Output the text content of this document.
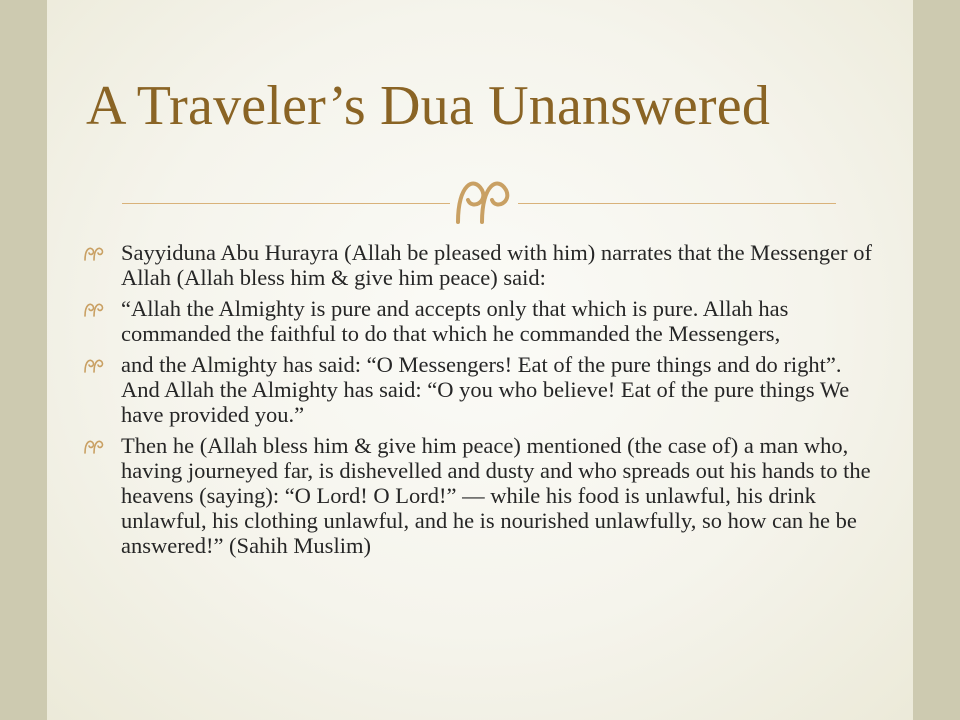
A Traveler’s Dua Unanswered
Sayyiduna Abu Hurayra (Allah be pleased with him) narrates that the Messenger of Allah (Allah bless him & give him peace) said:
“Allah the Almighty is pure and accepts only that which is pure. Allah has commanded the faithful to do that which he commanded the Messengers,
and the Almighty has said: “O Messengers! Eat of the pure things and do right”. And Allah the Almighty has said: “O you who believe! Eat of the pure things We have provided you.”
Then he (Allah bless him & give him peace) mentioned (the case of) a man who, having journeyed far, is dishevelled and dusty and who spreads out his hands to the heavens (saying): “O Lord! O Lord!” — while his food is unlawful, his drink unlawful, his clothing unlawful, and he is nourished unlawfully, so how can he be answered!” (Sahih Muslim)
